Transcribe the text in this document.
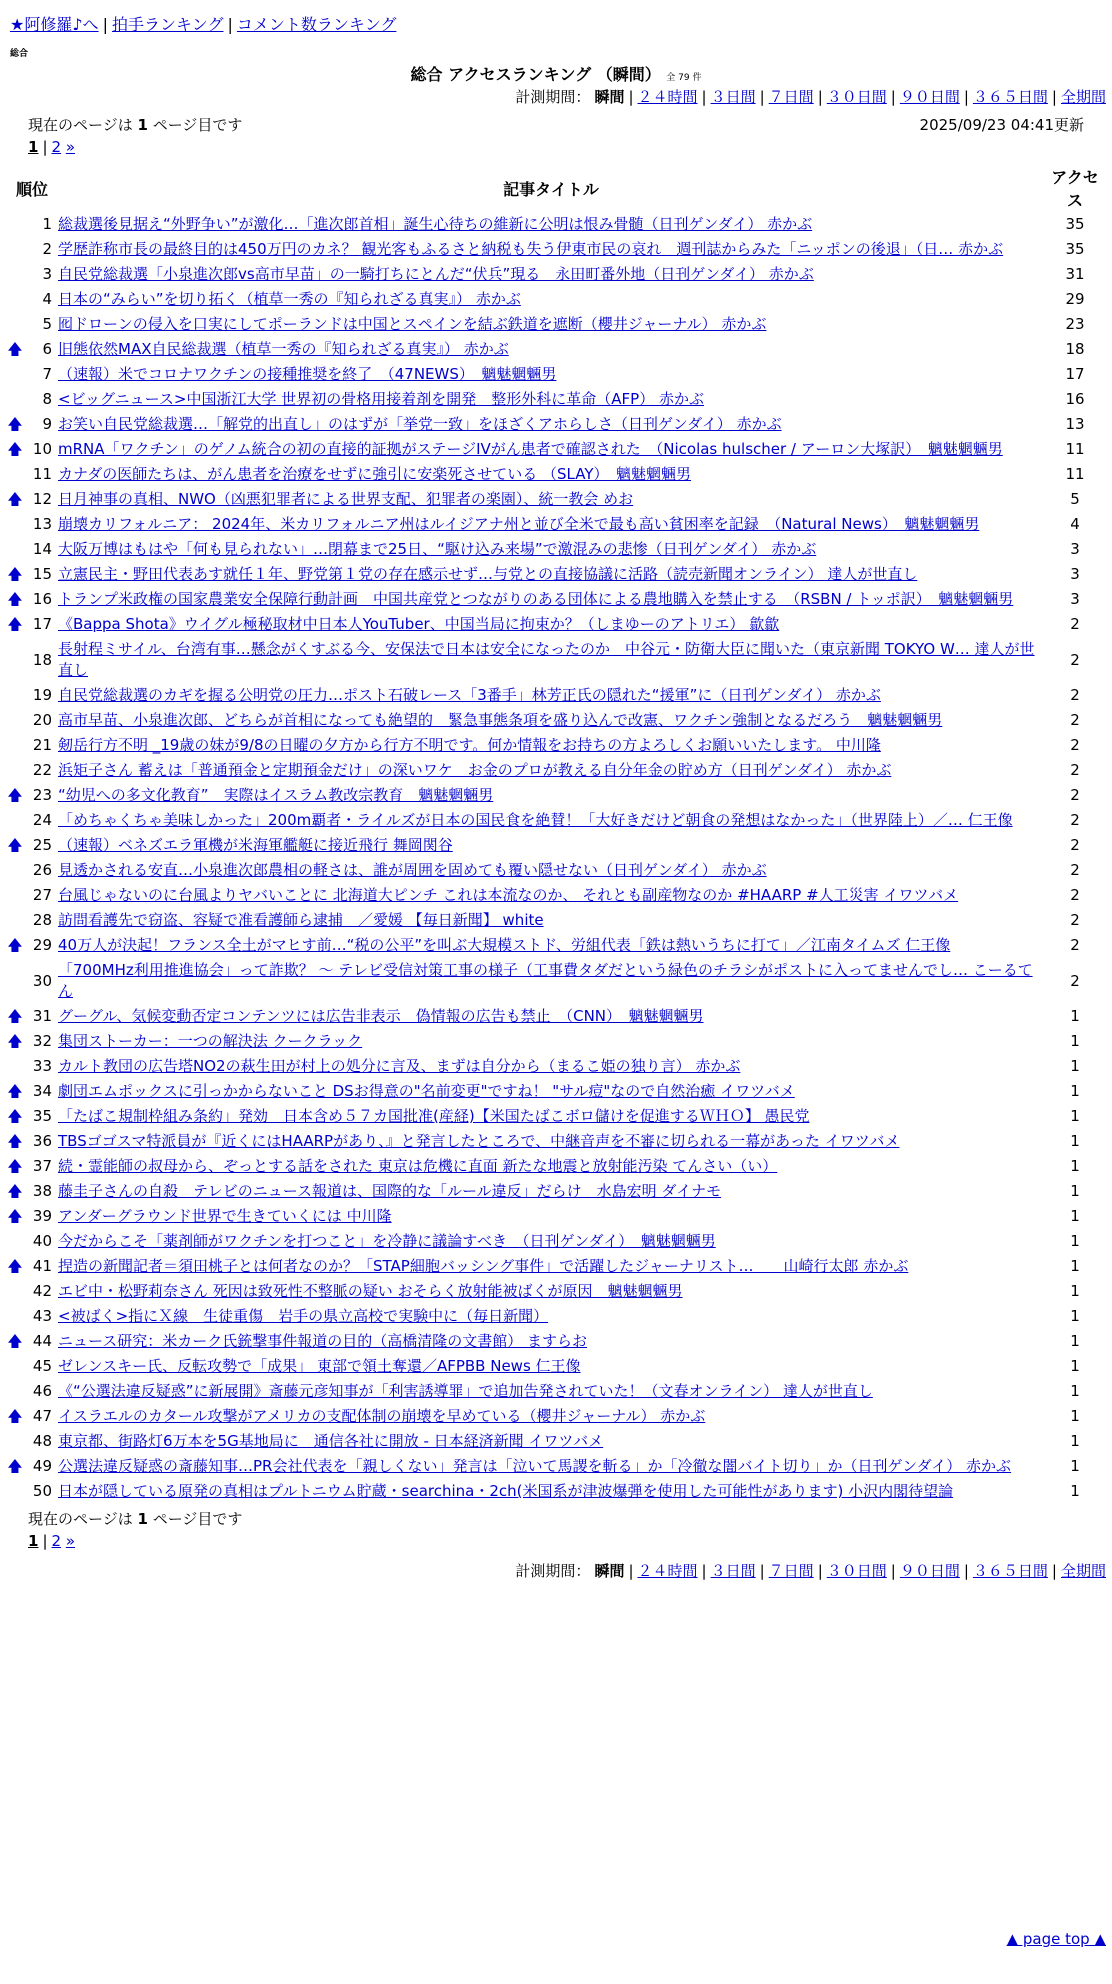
★阿修羅♪へ | 拍手ランキング | コメント数ランキング
総合
総合 アクセスランキング （瞬間） 全 79 件
計測期間： 瞬間 | ２４時間 | ３日間 | ７日間 | ３０日間 | ９０日間 | ３６５日間 | 全期間
現在のページは 1 ページ目です	2025/09/23 04:41更新
1 | 2 »
順位		記事タイトル	アクセス
	1	総裁選後見据え“外野争い”が激化…「進次郎首相」誕生心待ちの維新に公明は恨み骨髄（日刊ゲンダイ） 赤かぶ	35
	2	学歴詐称市長の最終目的は450万円のカネ？ 観光客もふるさと納税も失う伊東市民の哀れ　週刊誌からみた「ニッポンの後退」（日… 赤かぶ	35
	3	自民党総裁選「小泉進次郎vs高市早苗」の一騎打ちにとんだ“伏兵”現る　永田町番外地（日刊ゲンダイ） 赤かぶ	31
	4	日本の“みらい”を切り拓く（植草一秀の『知られざる真実』） 赤かぶ	29
	5	囮ドローンの侵入を口実にしてポーランドは中国とスペインを結ぶ鉄道を遮断（櫻井ジャーナル） 赤かぶ	23
🡅	6	旧態依然MAX自民総裁選（植草一秀の『知られざる真実』） 赤かぶ	18
	7	（速報）米でコロナワクチンの接種推奨を終了　（47NEWS）　魑魅魍魎男	17
	8	<ビッグニュース>中国浙江大学 世界初の骨格用接着剤を開発　整形外科に革命（AFP） 赤かぶ	16
🡅	9	お笑い自民党総裁選…「解党的出直し」のはずが「挙党一致」をほざくアホらしさ（日刊ゲンダイ） 赤かぶ	13
🡅	10	mRNA「ワクチン」のゲノム統合の初の直接的証拠がステージIVがん患者で確認された　（Nicolas hulscher / アーロン大塚訳）　魑魅魍魎男	11
	11	カナダの医師たちは、がん患者を治療をせずに強引に安楽死させている （SLAY）　魑魅魍魎男	11
🡅	12	日月神事の真相、NWO（凶悪犯罪者による世界支配、犯罪者の楽園）、統一教会 めお	5
	13	崩壊カリフォルニア： 2024年、米カリフォルニア州はルイジアナ州と並び全米で最も高い貧困率を記録　（Natural News）　魑魅魍魎男	4
	14	大阪万博はもはや「何も見られない」…閉幕まで25日、“駆け込み来場”で激混みの悲惨（日刊ゲンダイ） 赤かぶ	3
🡅	15	立憲民主・野田代表あす就任１年、野党第１党の存在感示せず…与党との直接協議に活路（読売新聞オンライン） 達人が世直し	3
🡅	16	トランプ米政権の国家農業安全保障行動計画　中国共産党とつながりのある団体による農地購入を禁止する　（RSBN / トッポ訳）　魑魅魍魎男	3
🡅	17	《Bappa Shota》ウイグル極秘取材中日本人YouTuber、中国当局に拘束か？（しまゆーのアトリエ） 歙歙	2
	18	長射程ミサイル、台湾有事…懸念がくすぶる今、安保法で日本は安全になったのか　中谷元・防衛大臣に聞いた（東京新聞 TOKYO W… 達人が世直し	2
	19	自民党総裁選のカギを握る公明党の圧力…ポスト石破レース「3番手」林芳正氏の隠れた“援軍”に（日刊ゲンダイ） 赤かぶ	2
	20	高市早苗、小泉進次郎、どちらが首相になっても絶望的　緊急事態条項を盛り込んで改憲、ワクチン強制となるだろう　魑魅魍魎男	2
	21	剱岳行方不明 _19歳の妹が9/8の日曜の夕方から行方不明です。何か情報をお持ちの方よろしくお願いいたします。 中川隆	2
	22	浜矩子さん 蓄えは「普通預金と定期預金だけ」の深いワケ　お金のプロが教える自分年金の貯め方（日刊ゲンダイ） 赤かぶ	2
🡅	23	“幼児への多文化教育”　実際はイスラム教改宗教育　魑魅魍魎男	2
	24	「めちゃくちゃ美味しかった」200m覇者・ライルズが日本の国民食を絶賛！「大好きだけど朝食の発想はなかった」（世界陸上）／… 仁王像	2
🡅	25	（速報）ベネズエラ軍機が米海軍艦艇に接近飛行 舞岡関谷	2
	26	見透かされる安直…小泉進次郎農相の軽さは、誰が周囲を固めても覆い隠せない（日刊ゲンダイ） 赤かぶ	2
	27	台風じゃないのに台風よりヤバいことに 北海道大ピンチ これは本流なのか、 それとも副産物なのか #HAARP #人工災害 イワツバメ	2
	28	訪問看護先で窃盗、容疑で准看護師ら逮捕　／愛媛 【毎日新聞】 white	2
🡅	29	40万人が決起！フランス全土がマヒす前…“税の公平”を叫ぶ大規模ストド、労組代表「鉄は熱いうちに打て」／江南タイムズ 仁王像	2
	30	「700MHz利用推進協会」って詐欺？ ～ テレビ受信対策工事の様子（工事費タダだという緑色のチラシがポストに入ってませんでし… こーるてん	2
🡅	31	グーグル、気候変動否定コンテンツには広告非表示　偽情報の広告も禁止　（CNN）　魑魅魍魎男	1
🡅	32	集団ストーカー：一つの解決法 クークラック	1
	33	カルト教団の広告塔NO2の萩生田が村上の処分に言及、まずは自分から（まるこ姫の独り言） 赤かぶ	1
🡅	34	劇団エムポックスに引っかからないこと DSお得意の"名前変更"ですね！ "サル痘"なので自然治癒 イワツバメ	1
🡅	35	「たばこ規制枠組み条約」発効　日本含め５７カ国批准(産経)【米国たばこボロ儲けを促進するＷＨＯ】 愚民党	1
🡅	36	TBSゴゴスマ特派員が『近くにはHAARPがあり、』と発言したところで、中継音声を不審に切られる一幕があった イワツバメ	1
🡅	37	続・霊能師の叔母から、ぞっとする話をされた 東京は危機に直面 新たな地震と放射能汚染 てんさい（い）	1
🡅	38	藤圭子さんの自殺　テレビのニュース報道は、国際的な「ルール違反」だらけ　水島宏明 ダイナモ	1
🡅	39	アンダーグラウンド世界で生きていくには 中川隆	1
	40	今だからこそ「薬剤師がワクチンを打つこと」を冷静に議論すべき　（日刊ゲンダイ）　魑魅魍魎男	1
🡅	41	捏造の新聞記者＝須田桃子とは何者なのか？「STAP細胞バッシング事件」で活躍したジャーナリスト…　　山崎行太郎 赤かぶ	1
	42	エビ中・松野莉奈さん 死因は致死性不整脈の疑い おそらく放射能被ばくが原因　魑魅魍魎男	1
	43	<被ばく>指にＸ線　生徒重傷　岩手の県立高校で実験中に（毎日新聞）	1
🡅	44	ニュース研究：米カーク氏銃撃事件報道の目的（高橋清隆の文書館） ますらお	1
	45	ゼレンスキー氏、反転攻勢で「成果」 東部で領土奪還／AFPBB News 仁王像	1
	46	《“公選法違反疑惑”に新展開》斎藤元彦知事が「利害誘導罪」で追加告発されていた！（文春オンライン） 達人が世直し	1
🡅	47	イスラエルのカタール攻撃がアメリカの支配体制の崩壊を早めている（櫻井ジャーナル） 赤かぶ	1
	48	東京都、街路灯6万本を5G基地局に　通信各社に開放 - 日本経済新聞 イワツバメ	1
🡅	49	公選法違反疑惑の斎藤知事…PR会社代表を「親しくない」発言は「泣いて馬謖を斬る」か「冷徹な闇バイト切り」か（日刊ゲンダイ） 赤かぶ	1
	50	日本が隠している原発の真相はプルトニウム貯蔵・searchina・2ch(米国系が津波爆弾を使用した可能性があります) 小沢内閣待望論	1
現在のページは 1 ページ目です
1 | 2 »
計測期間： 瞬間 | ２４時間 | ３日間 | ７日間 | ３０日間 | ９０日間 | ３６５日間 | 全期間
▲ page top ▲
